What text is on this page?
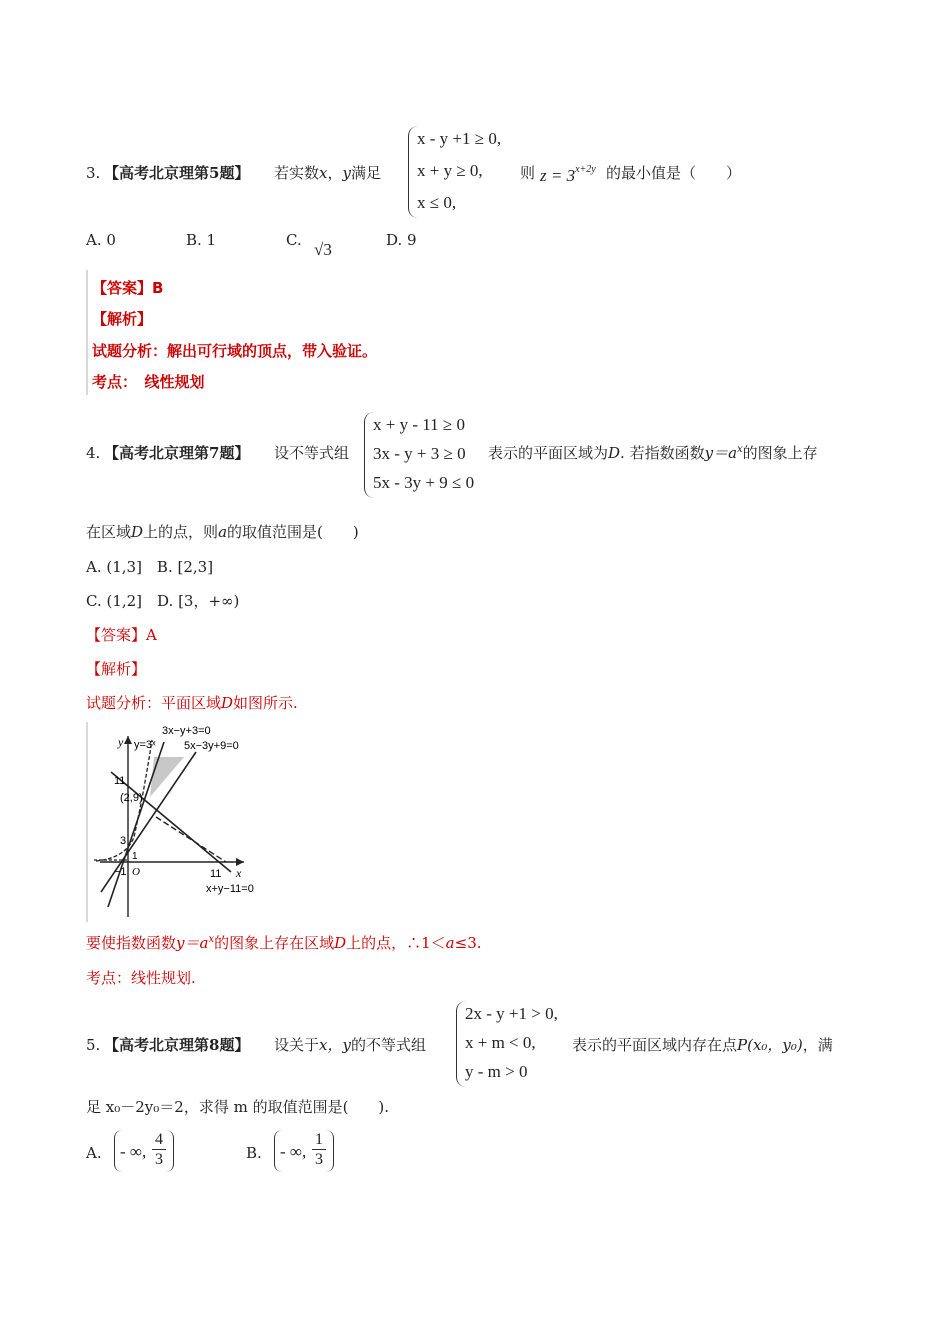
3. 【高考北京理第5题】 若实数x，y满足
x - y +1 ≥ 0,
x + y ≥ 0,
x ≤ 0,
则 $z = 3^{x+2y}$ 的最小值是（　　）
A. 0	B. 1	C. √3	D. 9
【答案】B
【解析】
试题分析：解出可行域的顶点，带入验证。
考点：　线性规划
4. 【高考北京理第7题】 设不等式组
x + y - 11 ≥ 0
3x - y + 3 ≥ 0
5x - 3y + 9 ≤ 0
表示的平面区域为D. 若指数函数$y=a^x$的图象上存
在区域D上的点，则a的取值范围是(　　)
A. (1,3]　B. [2,3]
C. (1,2]　D. [3，+∞)
【答案】A
【解析】
试题分析：平面区域D如图所示.
3x−y+3=0
y=3ˣ	5x−3y+9=0
y
11
(2,9)
3
1
−1 O	11 x
x+y−11=0
要使指数函数$y=a^x$的图象上存在区域D上的点，∴1＜a≤3.
考点：线性规划.
5. 【高考北京理第8题】 设关于x，y的不等式组
2x - y +1 > 0,
x + m < 0,
y - m > 0
表示的平面区域内存在点P(x₀，y₀)，满
足 x₀－2y₀＝2，求得 m 的取值范围是(　　).
A. - ∞, $\frac{4}{3}$	B. - ∞, $\frac{1}{3}$
